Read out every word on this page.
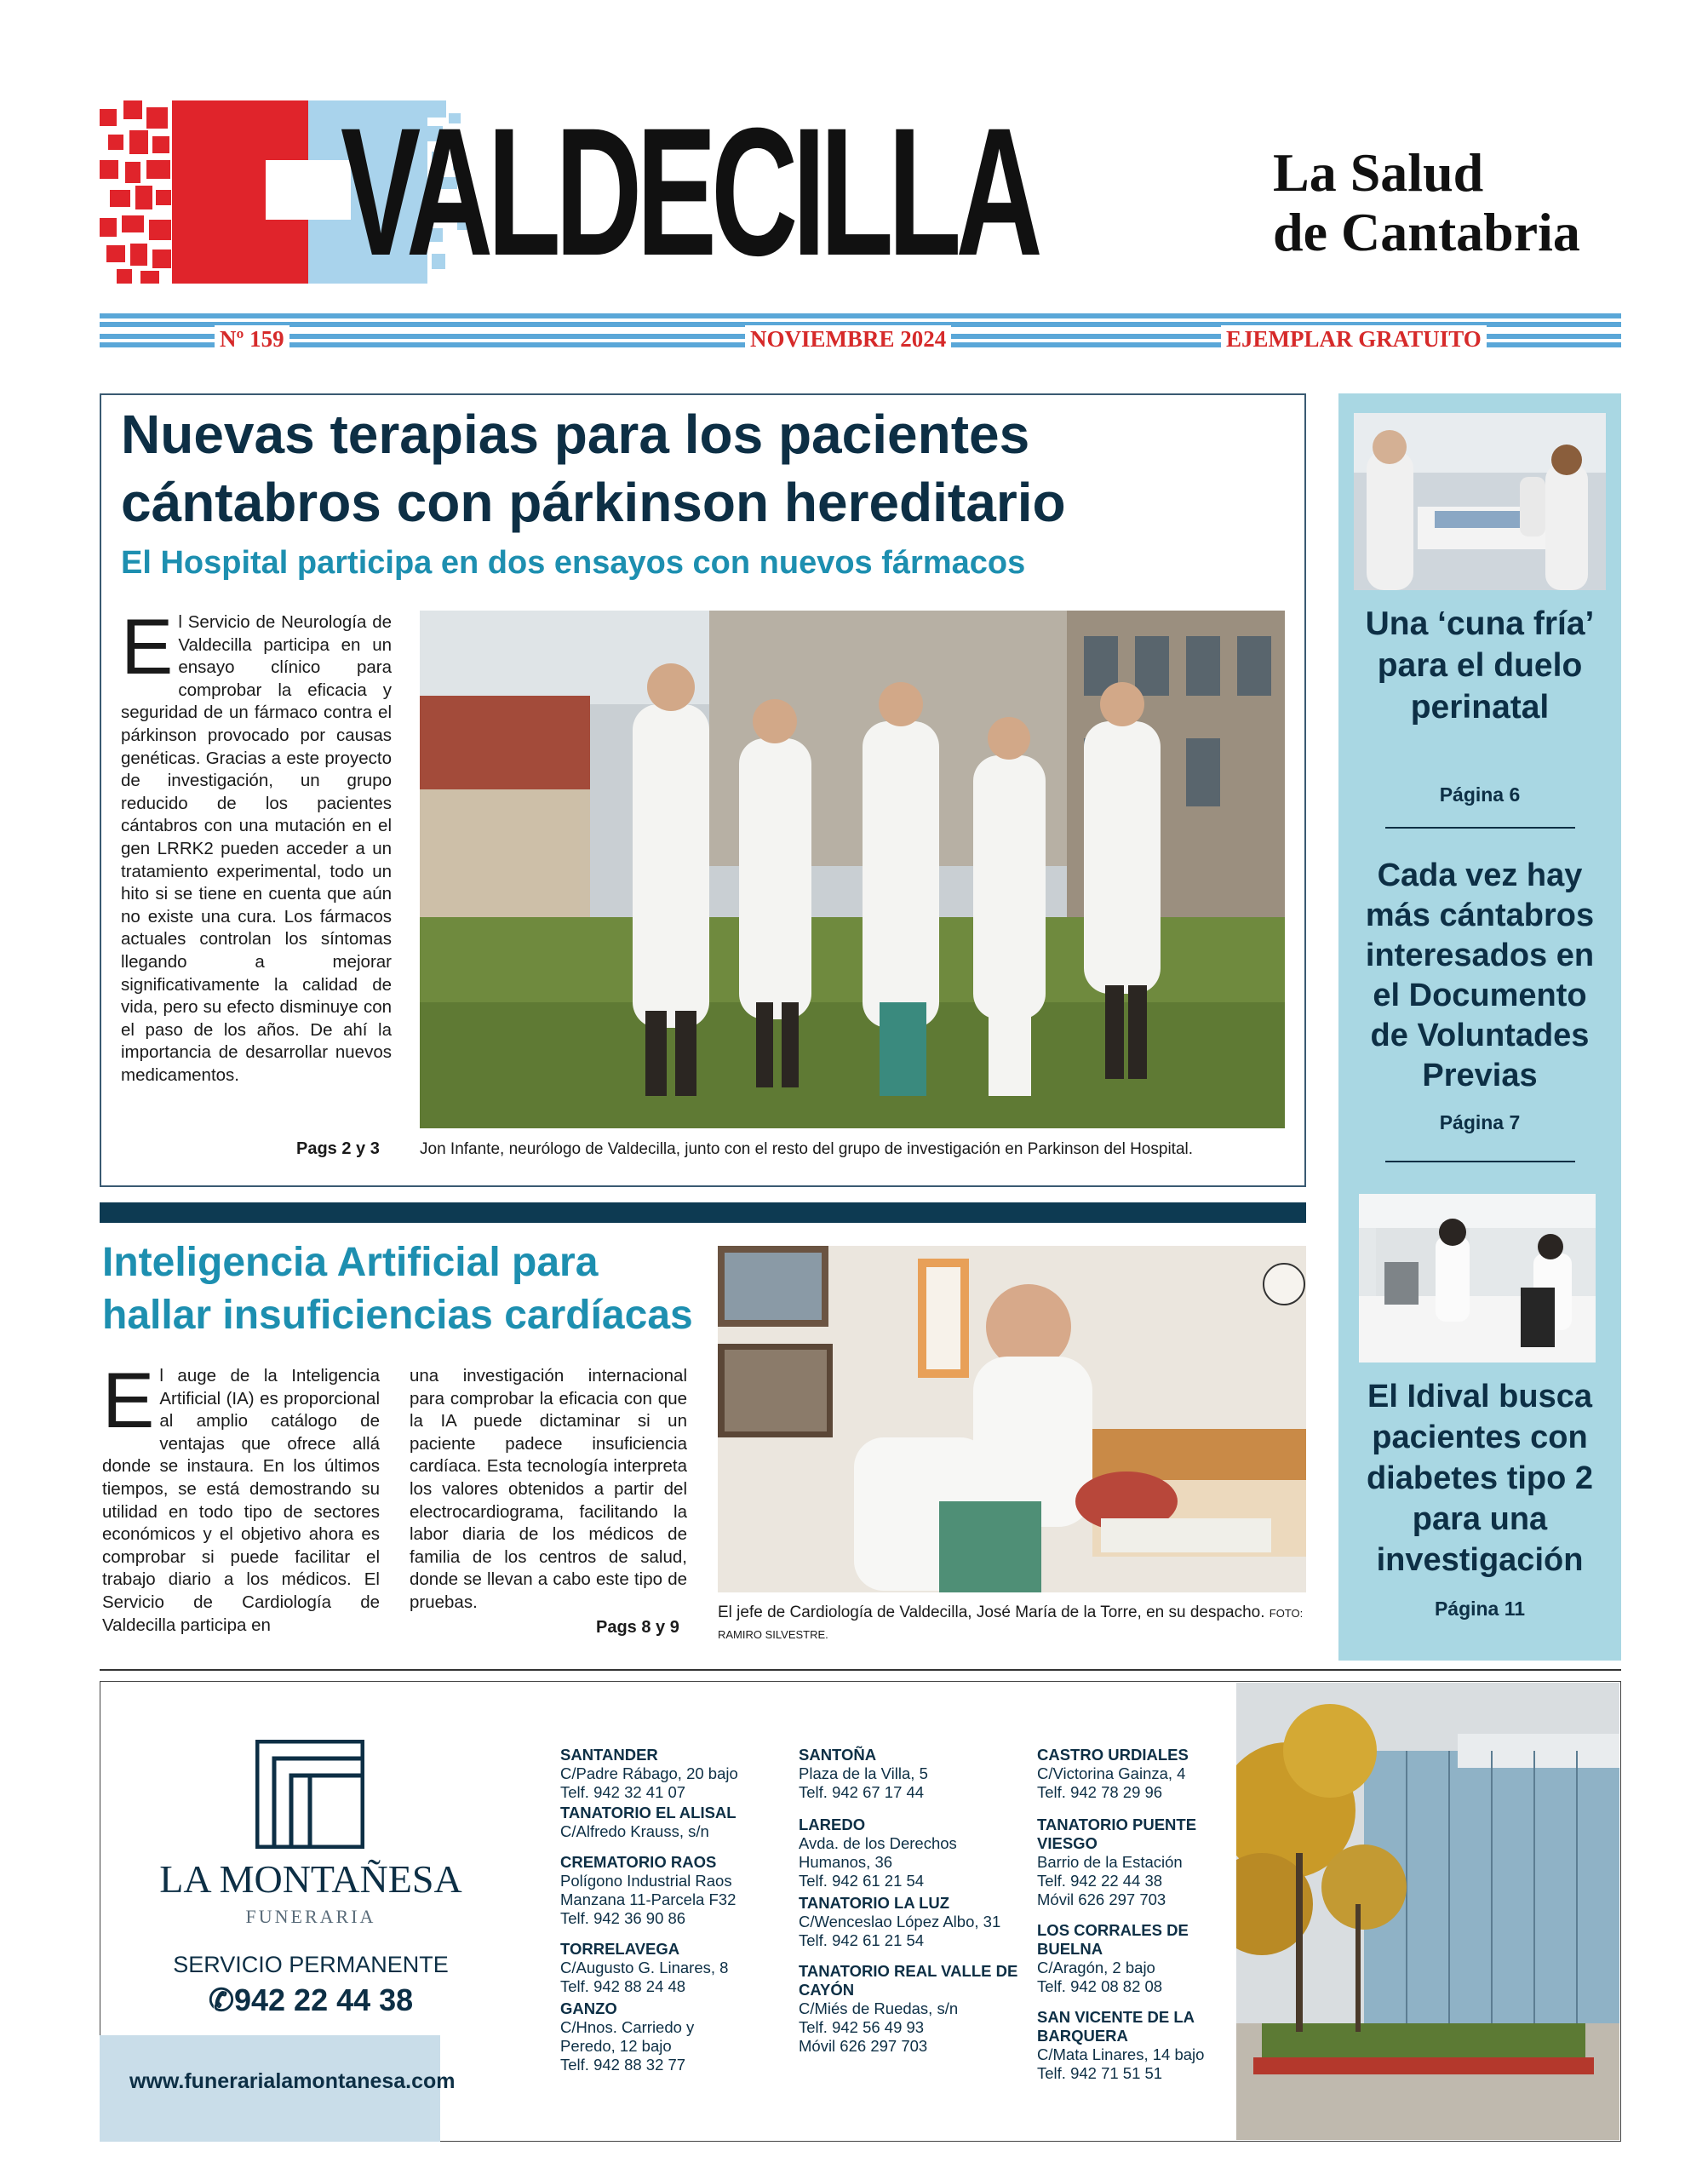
VALDECILLA	La Salud
de Cantabria
Nº 159	NOVIEMBRE 2024	EJEMPLAR GRATUITO
Nuevas terapias para los pacientes cántabros con párkinson hereditario
El Hospital participa en dos ensayos con nuevos fármacos
El Servicio de Neurología de Valdecilla participa en un ensayo clínico para comprobar la eficacia y seguridad de un fármaco contra el párkinson provocado por causas genéticas. Gracias a este proyecto de investigación, un grupo reducido de los pacientes cántabros con una mutación en el gen LRRK2 pueden acceder a un tratamiento experimental, todo un hito si se tiene en cuenta que aún no existe una cura. Los fármacos actuales controlan los síntomas llegando a mejorar significativamente la calidad de vida, pero su efecto disminuye con el paso de los años. De ahí la importancia de desarrollar nuevos medicamentos.
Pags 2 y 3 Jon Infante, neurólogo de Valdecilla, junto con el resto del grupo de investigación en Parkinson del Hospital.
Una ‘cuna fría’ para el duelo perinatal
Página 6
Cada vez hay más cántabros interesados en el Documento de Voluntades Previas
Página 7
El Idival busca pacientes con diabetes tipo 2 para una investigación
Página 11
Inteligencia Artificial para
hallar insuficiencias cardíacas
El auge de la Inteligencia Artificial (IA) es proporcional al amplio catálogo de ventajas que ofrece allá donde se instaura. En los últimos tiempos, se está demostrando su utilidad en todo tipo de sectores económicos y el objetivo ahora es comprobar si puede facilitar el trabajo diario a los médicos. El Servicio de Cardiología de Valdecilla participa en
una investigación internacional para comprobar la eficacia con que la IA puede dictaminar si un paciente padece insuficiencia cardíaca. Esta tecnología interpreta los valores obtenidos a partir del electrocardiograma, facilitando la labor diaria de los médicos de familia de los centros de salud, donde se llevan a cabo este tipo de pruebas.
Pags 8 y 9
El jefe de Cardiología de Valdecilla, José María de la Torre, en su despacho. FOTO: RAMIRO SILVESTRE.
LA MONTAÑESA
FUNERARIA
SERVICIO PERMANENTE
✆942 22 44 38
www.funerarialamontanesa.com

SANTANDER
C/Padre Rábago, 20 bajo
Telf. 942 32 41 07

TANATORIO EL ALISAL
C/Alfredo Krauss, s/n

CREMATORIO RAOS
Polígono Industrial Raos
Manzana 11-Parcela F32
Telf. 942 36 90 86

TORRELAVEGA
C/Augusto G. Linares, 8
Telf. 942 88 24 48

GANZO
C/Hnos. Carriedo y
Peredo, 12 bajo
Telf. 942 88 32 77

SANTOÑA
Plaza de la Villa, 5
Telf. 942 67 17 44

LAREDO
Avda. de los Derechos
Humanos, 36
Telf. 942 61 21 54

TANATORIO LA LUZ
C/Wenceslao López Albo, 31
Telf. 942 61 21 54

TANATORIO REAL VALLE DE CAYÓN
C/Miés de Ruedas, s/n
Telf. 942 56 49 93
Móvil 626 297 703

CASTRO URDIALES
C/Victorina Gainza, 4
Telf. 942 78 29 96

TANATORIO PUENTE VIESGO
Barrio de la Estación
Telf. 942 22 44 38
Móvil 626 297 703

LOS CORRALES DE BUELNA
C/Aragón, 2 bajo
Telf. 942 08 82 08

SAN VICENTE DE LA BARQUERA
C/Mata Linares, 14 bajo
Telf. 942 71 51 51
